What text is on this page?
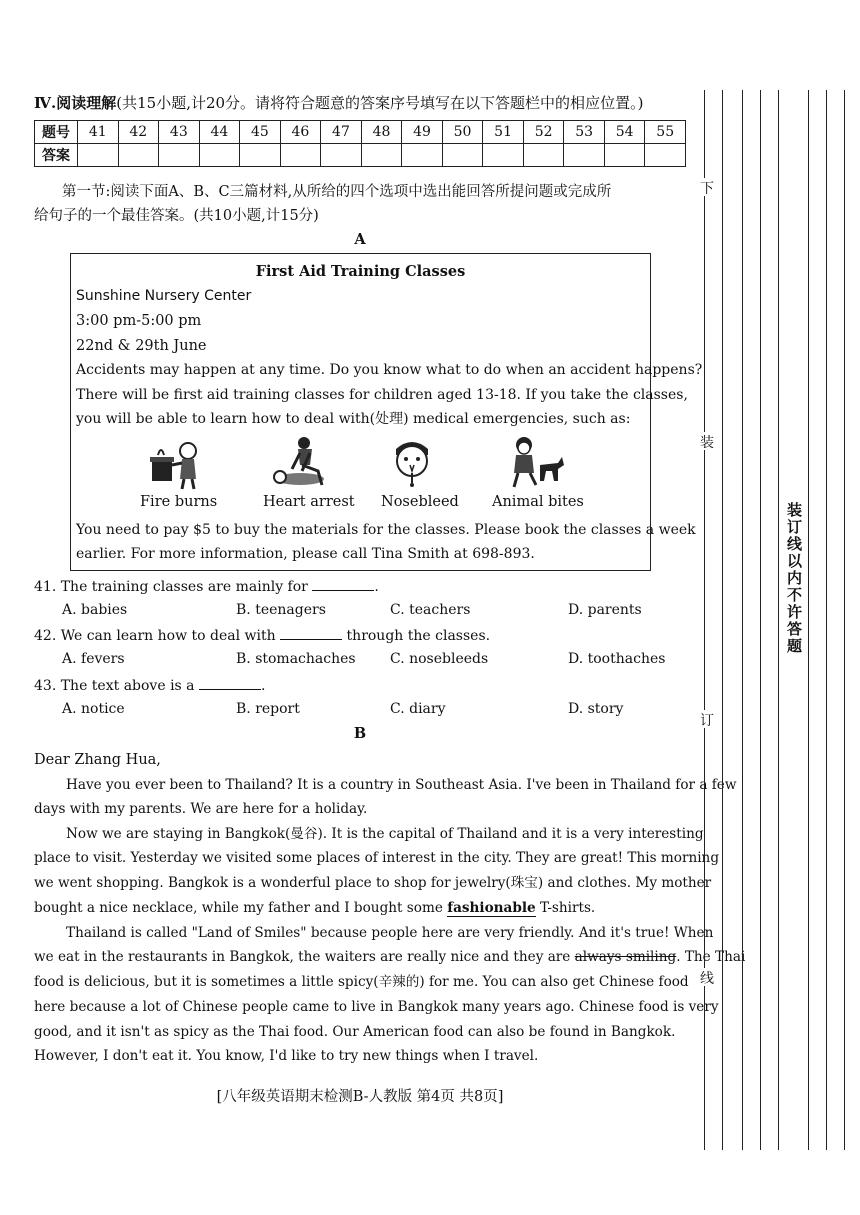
Ⅳ.阅读理解(共15小题,计20分。请将符合题意的答案序号填写在以下答题栏中的相应位置。)
题号	41	42	43	44	45	46	47	48	49	50	51	52	53	54	55
答案															
第一节:阅读下面A、B、C三篇材料,从所给的四个选项中选出能回答所提问题或完成所
给句子的一个最佳答案。(共10小题,计15分)
A
First Aid Training Classes
Sunshine Nursery Center
3:00 pm-5:00 pm
22nd & 29th June
Accidents may happen at any time. Do you know what to do when an accident happens?
There will be first aid training classes for children aged 13-18. If you take the classes,
you will be able to learn how to deal with(处理) medical emergencies, such as:
Fire burns	Heart arrest Nosebleed Animal bites
You need to pay $5 to buy the materials for the classes. Please book the classes a week
earlier. For more information, please call Tina Smith at 698-893.
41. The training classes are mainly for	.
A. babies	B. teenagers	C. teachers	D. parents
42. We can learn how to deal with	through the classes.
A. fevers	B. stomachaches C. nosebleeds	D. toothaches
43. The text above is a	.
A. notice	B. report	C. diary	D. story
B
Dear Zhang Hua,
Have you ever been to Thailand? It is a country in Southeast Asia. I've been in Thailand for a few
days with my parents. We are here for a holiday.
Now we are staying in Bangkok(曼谷). It is the capital of Thailand and it is a very interesting
place to visit. Yesterday we visited some places of interest in the city. They are great! This morning
we went shopping. Bangkok is a wonderful place to shop for jewelry(珠宝) and clothes. My mother
bought a nice necklace, while my father and I bought some fashionable T-shirts.
Thailand is called "Land of Smiles" because people here are very friendly. And it's true! When
we eat in the restaurants in Bangkok, the waiters are really nice and they are always smiling. The Thai
food is delicious, but it is sometimes a little spicy(辛辣的) for me. You can also get Chinese food
here because a lot of Chinese people came to live in Bangkok many years ago. Chinese food is very
good, and it isn't as spicy as the Thai food. Our American food can also be found in Bangkok.
However, I don't eat it. You know, I'd like to try new things when I travel.
[八年级英语期末检测B-人教版 第4页 共8页]
下
装
订
线
装订线以内不许答题
